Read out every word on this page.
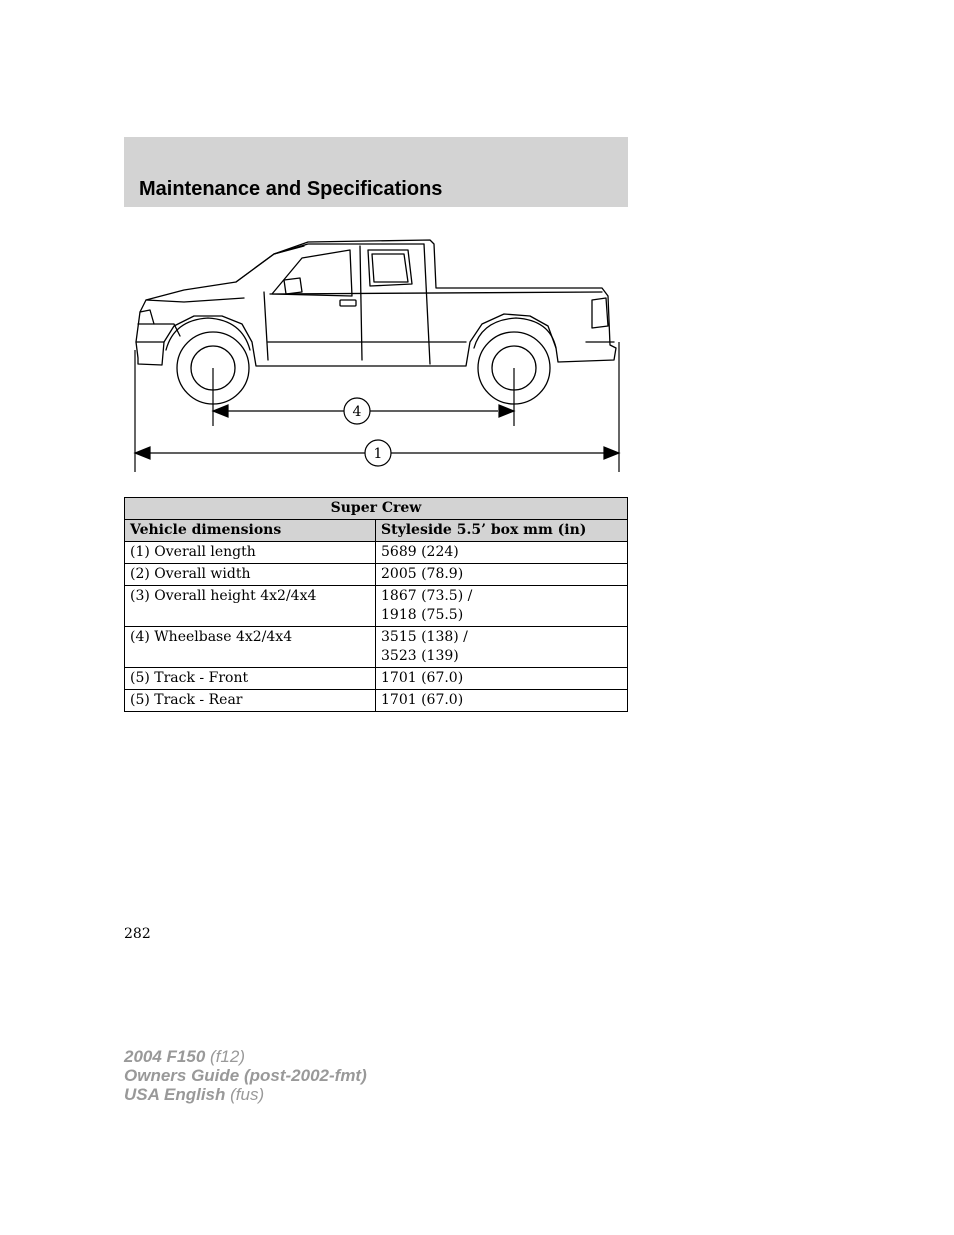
Maintenance and Specifications
4
1
Super Crew	
Vehicle dimensions	Styleside 5.5’ box mm (in)
(1) Overall length	5689 (224)

(2) Overall width	2005 (78.9)

(3) Overall height 4x2/4x4	1867 (73.5) /
1918 (75.5)

(4) Wheelbase 4x2/4x4	3515 (138) /
3523 (139)

(5) Track - Front	1701 (67.0)

(5) Track - Rear	1701 (67.0)
282
2004 F150 (f12)
Owners Guide (post-2002-fmt)
USA English (fus)
